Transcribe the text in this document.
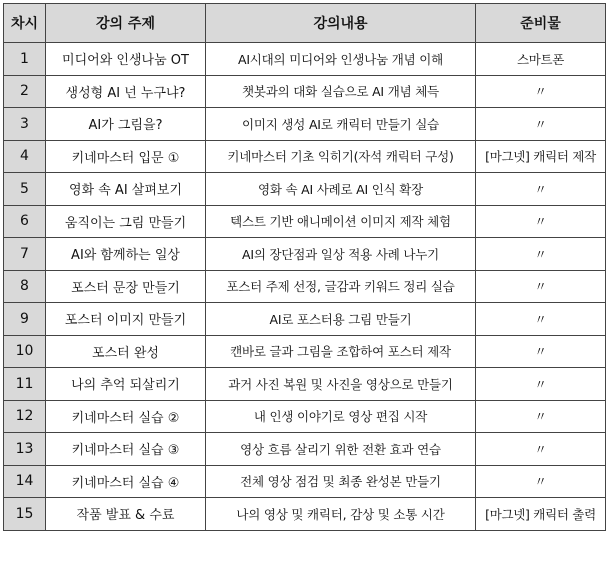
차시	강의 주제	강의내용	준비물
1	미디어와 인생나눔 OT	AI시대의 미디어와 인생나눔 개념 이해	스마트폰
2	생성형 AI 넌 누구냐?	챗봇과의 대화 실습으로 AI 개념 체득	〃
3	AI가 그림을?	이미지 생성 AI로 캐릭터 만들기 실습	〃
4	키네마스터 입문 ①	키네마스터 기초 익히기(자석 캐릭터 구성)	[마그넷] 캐릭터 제작
5	영화 속 AI 살펴보기	영화 속 AI 사례로 AI 인식 확장	〃
6	움직이는 그림 만들기	텍스트 기반 애니메이션 이미지 제작 체험	〃
7	AI와 함께하는 일상	AI의 장단점과 일상 적용 사례 나누기	〃
8	포스터 문장 만들기	포스터 주제 선정, 글감과 키워드 정리 실습	〃
9	포스터 이미지 만들기	AI로 포스터용 그림 만들기	〃
10	포스터 완성	캔바로 글과 그림을 조합하여 포스터 제작	〃
11	나의 추억 되살리기	과거 사진 복원 및 사진을 영상으로 만들기	〃
12	키네마스터 실습 ②	내 인생 이야기로 영상 편집 시작	〃
13	키네마스터 실습 ③	영상 흐름 살리기 위한 전환 효과 연습	〃
14	키네마스터 실습 ④	전체 영상 점검 및 최종 완성본 만들기	〃
15	작품 발표 & 수료	나의 영상 및 캐릭터, 감상 및 소통 시간	[마그넷] 캐릭터 출력
